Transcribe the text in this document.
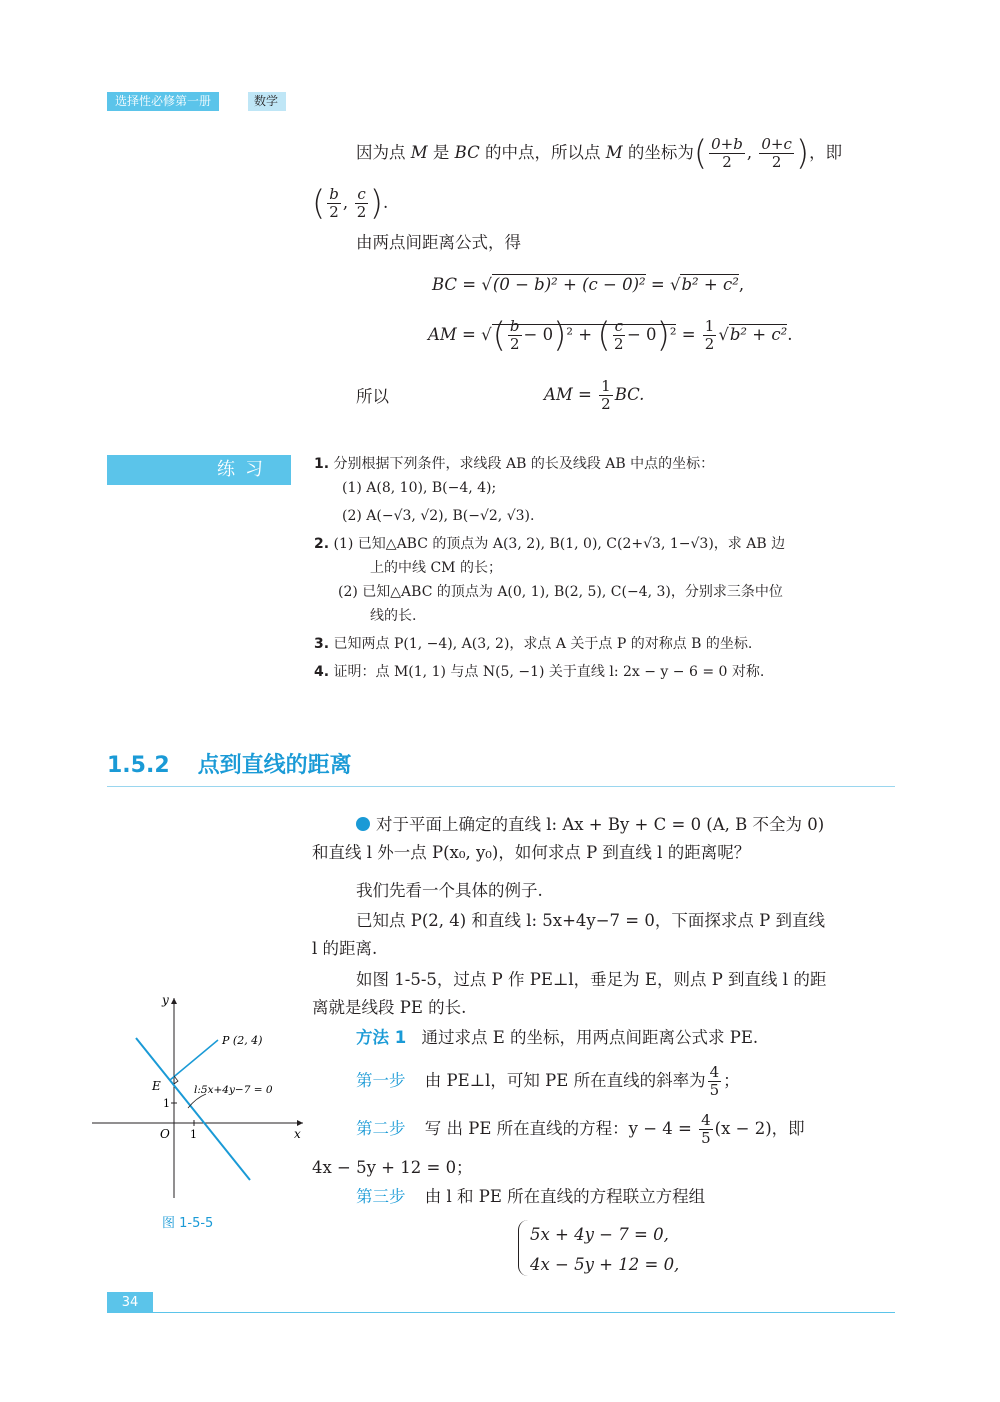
选择性必修第一册	数学
因为点 M 是 BC 的中点，所以点 M 的坐标为( $\frac{0+b}{2}$ , $\frac{0+c}{2}$ )，即
( $\frac{b}{2}$ , $\frac{c}{2}$ ).
由两点间距离公式，得
BC = √(0 − b)² + (c − 0)² = √b² + c²,
AM = √( $\frac{b}{2} - 0)^2$ + ( $\frac{c}{2} - 0)^2 = \frac{1}{2} √b^2 + c^2$.
所以	AM = $\frac{1}{2}$ BC.
练习	1. 分别根据下列条件，求线段 AB 的长及线段 AB 中点的坐标：
(1) A(8, 10), B(−4, 4);
(2) A(−√3, √2), B(−√2, √3).
2. (1) 已知△ABC 的顶点为 A(3, 2), B(1, 0), C(2+√3, 1−√3)，求 AB 边
上的中线 CM 的长；
(2) 已知△ABC 的顶点为 A(0, 1), B(2, 5), C(−4, 3)，分别求三条中位
线的长.
3. 已知两点 P(1, −4), A(3, 2)，求点 A 关于点 P 的对称点 B 的坐标.
4. 证明：点 M(1, 1) 与点 N(5, −1) 关于直线 l: 2x − y − 6 = 0 对称.
1.5.2 点到直线的距离
对于平面上确定的直线 l: Ax + By + C = 0 (A, B 不全为 0)
和直线 l 外一点 P(x₀, y₀)，如何求点 P 到直线 l 的距离呢？
我们先看一个具体的例子.
已知点 P(2, 4) 和直线 l: 5x+4y−7 = 0，下面探求点 P 到直线
l 的距离.
如图 1-5-5，过点 P 作 PE⊥l，垂足为 E，则点 P 到直线 l 的距
离就是线段 PE 的长.
方法 1 通过求点 E 的坐标，用两点间距离公式求 PE.
第一步 由 PE⊥l，可知 PE 所在直线的斜率为 $\frac{4}{5}$ ；
第二步 写 出 PE 所在直线的方程：$y - 4 = \frac{4}{5} (x - 2)$，即
4x − 5y + 12 = 0；
第三步 由 l 和 PE 所在直线的方程联立方程组
5x + 4y − 7 = 0,
4x − 5y + 12 = 0,
y
x
O 1
1
E
P (2, 4)
l:5x+4y−7 = 0
图 1-5-5
34
